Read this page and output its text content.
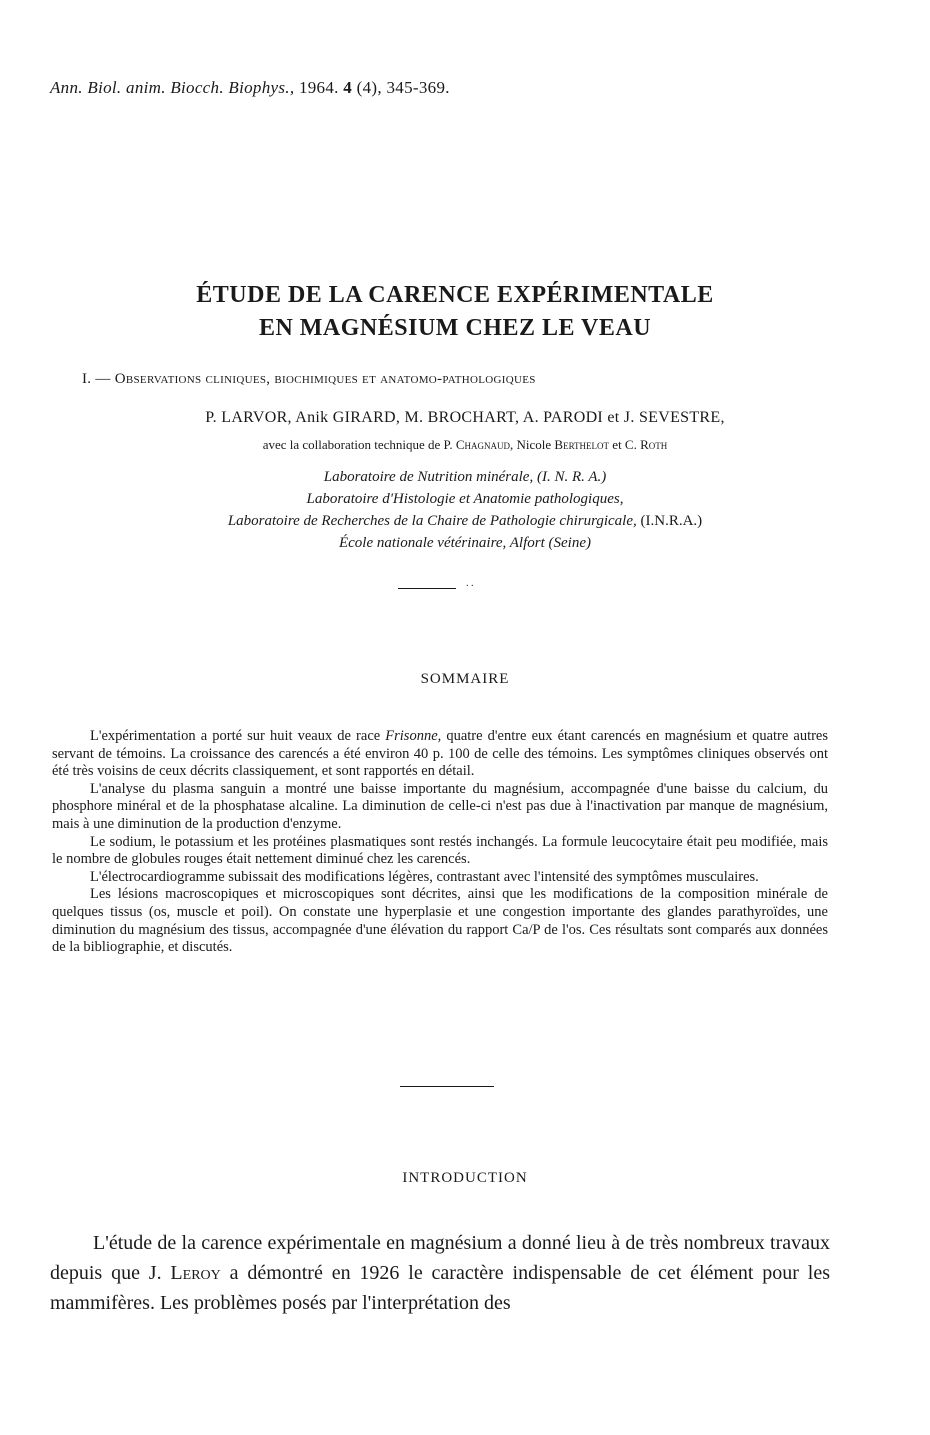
Ann. Biol. anim. Biocch. Biophys., 1964. 4 (4), 345-369.
ÉTUDE DE LA CARENCE EXPÉRIMENTALE
EN MAGNÉSIUM CHEZ LE VEAU
I. — Observations cliniques, biochimiques et anatomo-pathologiques
P. LARVOR, Anik GIRARD, M. BROCHART, A. PARODI et J. SEVESTRE,
avec la collaboration technique de P. Chagnaud, Nicole Berthelot et C. Roth
Laboratoire de Nutrition minérale, (I. N. R. A.)
Laboratoire d'Histologie et Anatomie pathologiques,
Laboratoire de Recherches de la Chaire de Pathologie chirurgicale, (I.N.R.A.)
École nationale vétérinaire, Alfort (Seine)
. .
SOMMAIRE

L'expérimentation a porté sur huit veaux de race Frisonne, quatre d'entre eux étant carencés en magnésium et quatre autres servant de témoins. La croissance des carencés a été environ 40 p. 100 de celle des témoins. Les symptômes cliniques observés ont été très voisins de ceux décrits classiquement, et sont rapportés en détail.

L'analyse du plasma sanguin a montré une baisse importante du magnésium, accompagnée d'une baisse du calcium, du phosphore minéral et de la phosphatase alcaline. La diminution de celle-ci n'est pas due à l'inactivation par manque de magnésium, mais à une diminution de la production d'enzyme.

Le sodium, le potassium et les protéines plasmatiques sont restés inchangés. La formule leucocytaire était peu modifiée, mais le nombre de globules rouges était nettement diminué chez les carencés.

L'électrocardiogramme subissait des modifications légères, contrastant avec l'intensité des symptômes musculaires.

Les lésions macroscopiques et microscopiques sont décrites, ainsi que les modifications de la composition minérale de quelques tissus (os, muscle et poil). On constate une hyperplasie et une congestion importante des glandes parathyroïdes, une diminution du magnésium des tissus, accompagnée d'une élévation du rapport Ca/P de l'os. Ces résultats sont comparés aux données de la bibliographie, et discutés.

INTRODUCTION

L'étude de la carence expérimentale en magnésium a donné lieu à de très nombreux travaux depuis que J. Leroy a démontré en 1926 le caractère indispensable de cet élément pour les mammifères. Les problèmes posés par l'interprétation des
